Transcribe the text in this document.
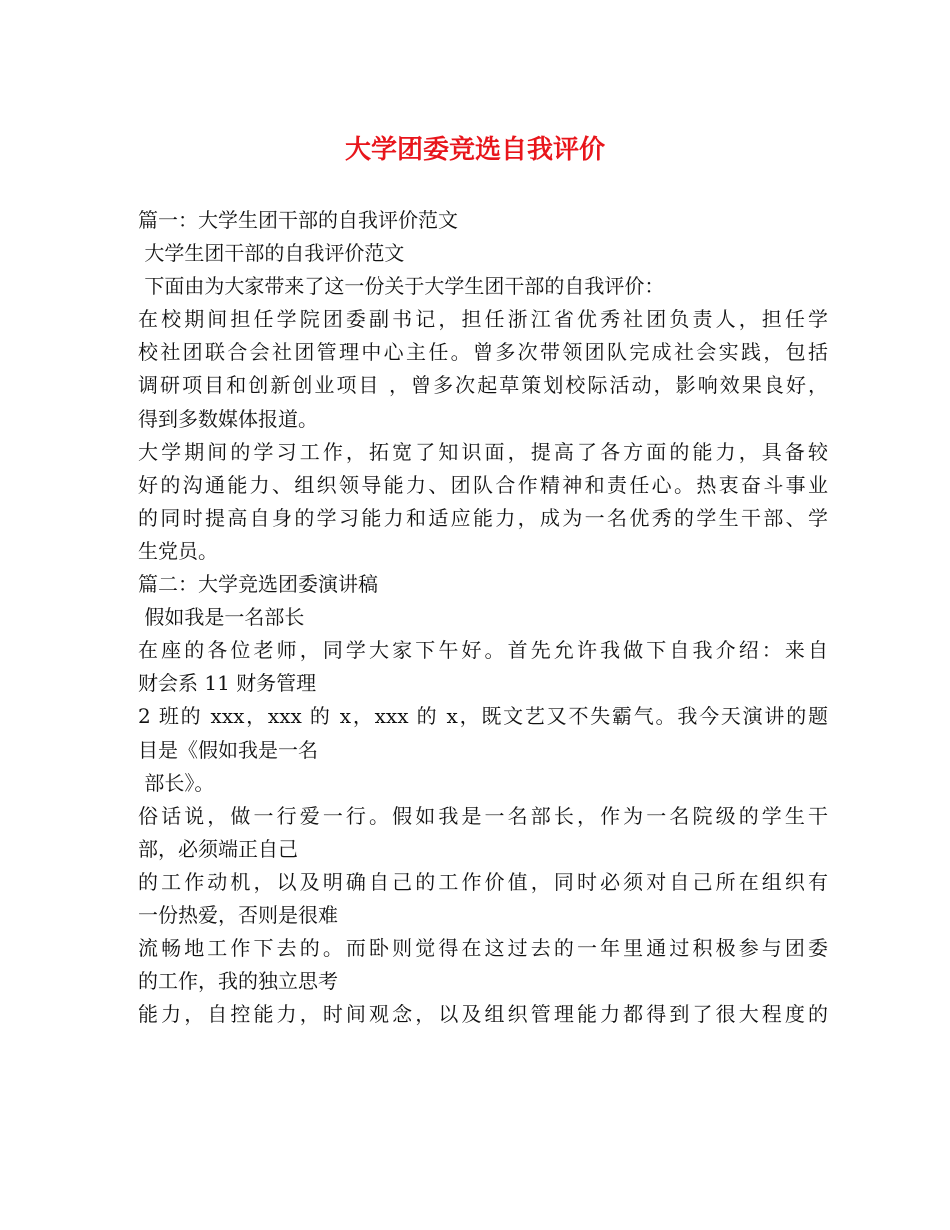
大学团委竞选自我评价
篇一：大学生团干部的自我评价范文
大学生团干部的自我评价范文
下面由为大家带来了这一份关于大学生团干部的自我评价：
在校期间担任学院团委副书记，担任浙江省优秀社团负责人，担任学
校社团联合会社团管理中心主任。曾多次带领团队完成社会实践，包括
调研项目和创新创业项目 ，曾多次起草策划校际活动，影响效果良好，
得到多数媒体报道。
大学期间的学习工作，拓宽了知识面，提高了各方面的能力，具备较
好的沟通能力、组织领导能力、团队合作精神和责任心。热衷奋斗事业
的同时提高自身的学习能力和适应能力，成为一名优秀的学生干部、学
生党员。
篇二：大学竞选团委演讲稿
假如我是一名部长
在座的各位老师，同学大家下午好。首先允许我做下自我介绍：来自
财会系 11 财务管理
2 班的 xxx，xxx 的 x，xxx 的 x，既文艺又不失霸气。我今天演讲的题
目是《假如我是一名
部长》。
俗话说，做一行爱一行。假如我是一名部长，作为一名院级的学生干
部，必须端正自己
的工作动机，以及明确自己的工作价值，同时必须对自己所在组织有
一份热爱，否则是很难
流畅地工作下去的。而卧则觉得在这过去的一年里通过积极参与团委
的工作，我的独立思考
能力，自控能力，时间观念，以及组织管理能力都得到了很大程度的
